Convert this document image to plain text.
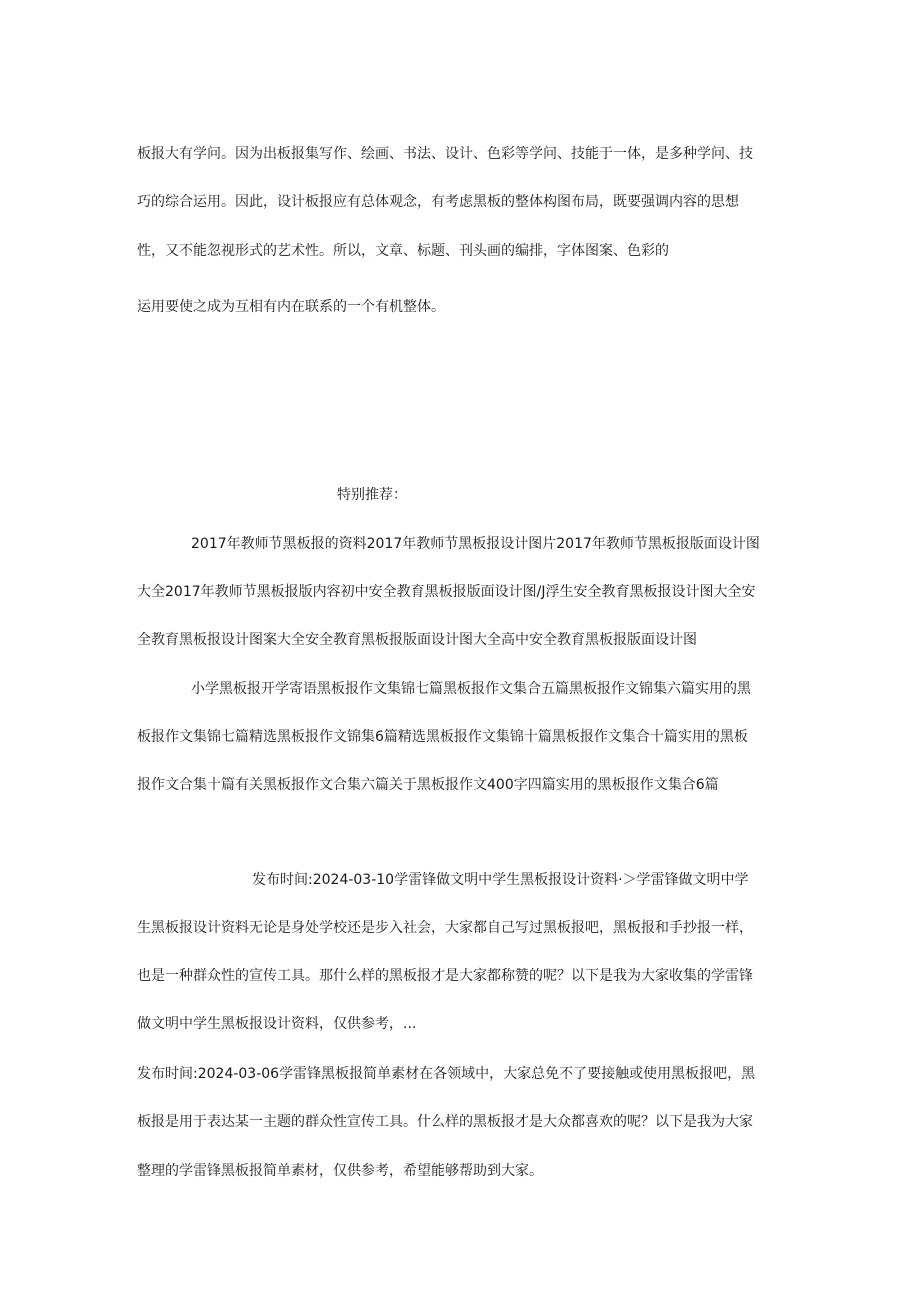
板报大有学问。因为出板报集写作、绘画、书法、设计、色彩等学问、技能于一体，是多种学问、技
巧的综合运用。因此，设计板报应有总体观念，有考虑黑板的整体构图布局，既要强调内容的思想
性，又不能忽视形式的艺术性。所以，文章、标题、刊头画的编排，字体图案、色彩的
运用要使之成为互相有内在联系的一个有机整体。
特别推荐：
2017年教师节黑板报的资料2017年教师节黑板报设计图片2017年教师节黑板报版面设计图
大全2017年教师节黑板报版内容初中安全教育黑板报版面设计图/J浮生安全教育黑板报设计图大全安
全教育黑板报设计图案大全安全教育黑板报版面设计图大全高中安全教育黑板报版面设计图
小学黑板报开学寄语黑板报作文集锦七篇黑板报作文集合五篇黑板报作文锦集六篇实用的黑
板报作文集锦七篇精选黑板报作文锦集6篇精选黑板报作文集锦十篇黑板报作文集合十篇实用的黑板
报作文合集十篇有关黑板报作文合集六篇关于黑板报作文400字四篇实用的黑板报作文集合6篇
发布时间:2024-03-10学雷锋做文明中学生黑板报设计资料·＞学雷锋做文明中学
生黑板报设计资料无论是身处学校还是步入社会，大家都自己写过黑板报吧，黑板报和手抄报一样，
也是一种群众性的宣传工具。那什么样的黑板报才是大家都称赞的呢？以下是我为大家收集的学雷锋
做文明中学生黑板报设计资料，仅供参考，...
发布时间:2024-03-06学雷锋黑板报简单素材在各领域中，大家总免不了要接触或使用黑板报吧，黑
板报是用于表达某一主题的群众性宣传工具。什么样的黑板报才是大众都喜欢的呢？以下是我为大家
整理的学雷锋黑板报简单素材，仅供参考，希望能够帮助到大家。
